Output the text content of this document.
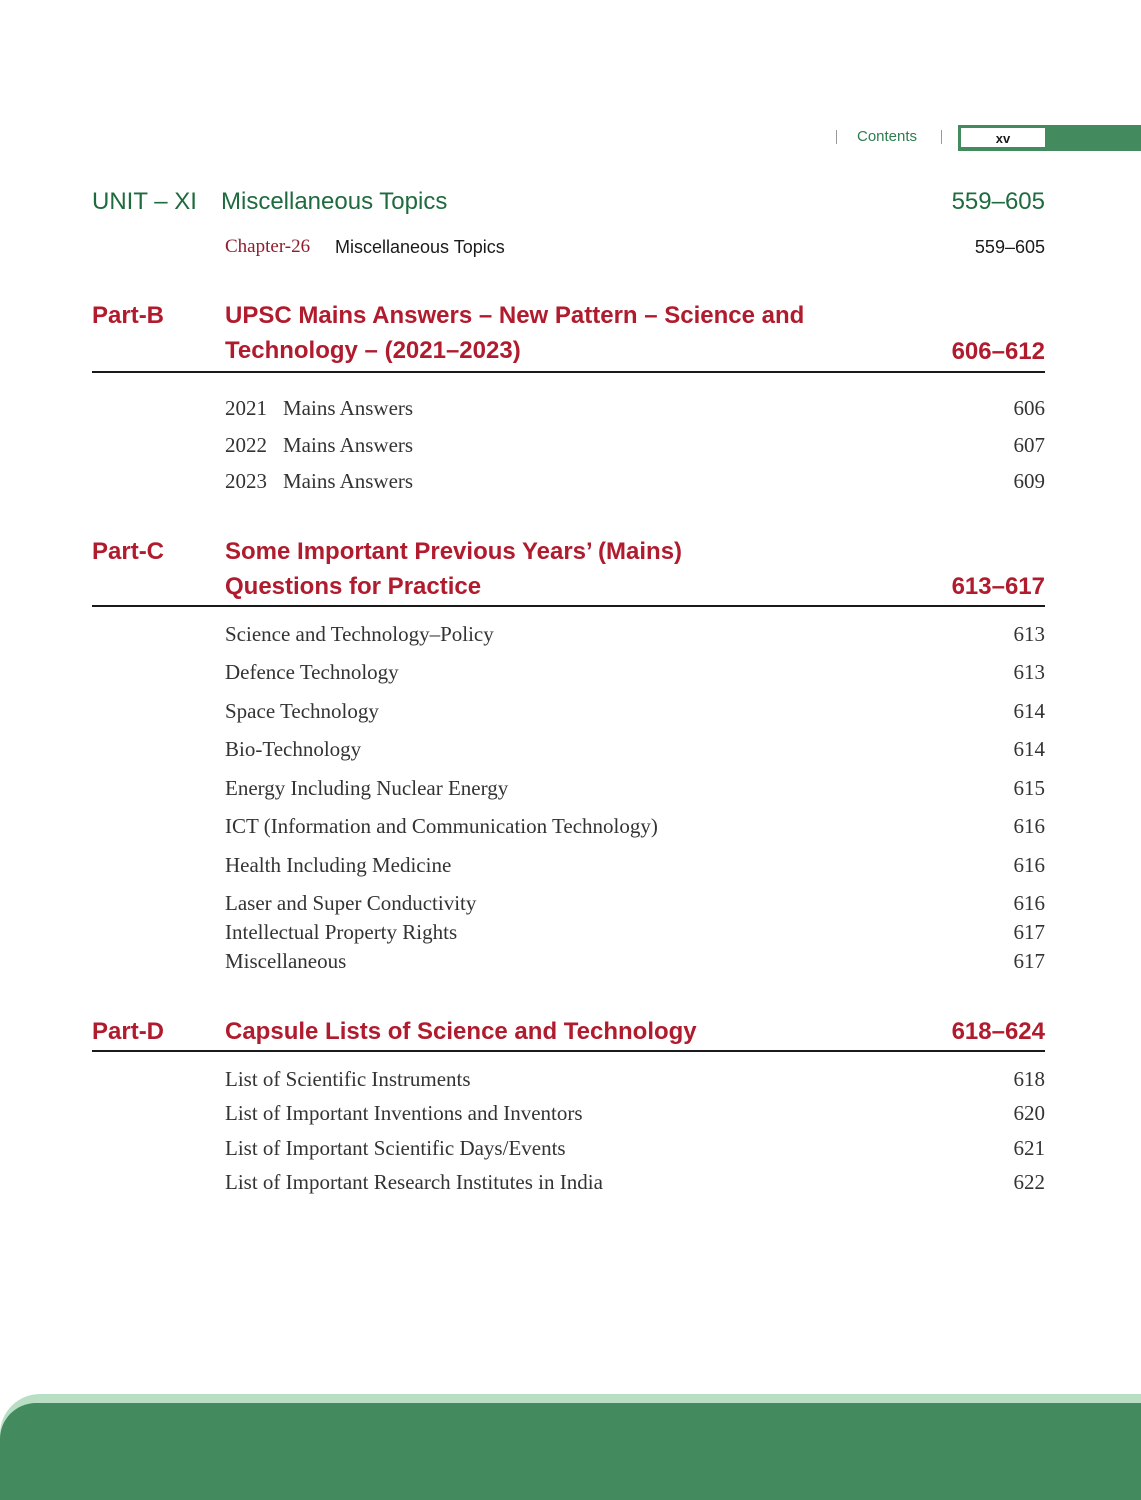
Contents	xv
UNIT – XI Miscellaneous Topics	559–605
Chapter-26 Miscellaneous Topics	559–605
Part-B	UPSC Mains Answers – New Pattern – Science and
Technology – (2021–2023)	606–612
2021 Mains Answers	606
2022 Mains Answers	607
2023 Mains Answers	609
Part-C	Some Important Previous Years’ (Mains)
Questions for Practice	613–617
Science and Technology–Policy	613
Defence Technology	613
Space Technology	614
Bio-Technology	614
Energy Including Nuclear Energy	615
ICT (Information and Communication Technology)	616
Health Including Medicine	616
Laser and Super Conductivity	616
Intellectual Property Rights	617
Miscellaneous	617
Part-D	Capsule Lists of Science and Technology	618–624
List of Scientific Instruments	618
List of Important Inventions and Inventors	620
List of Important Scientific Days/Events	621
List of Important Research Institutes in India	622
